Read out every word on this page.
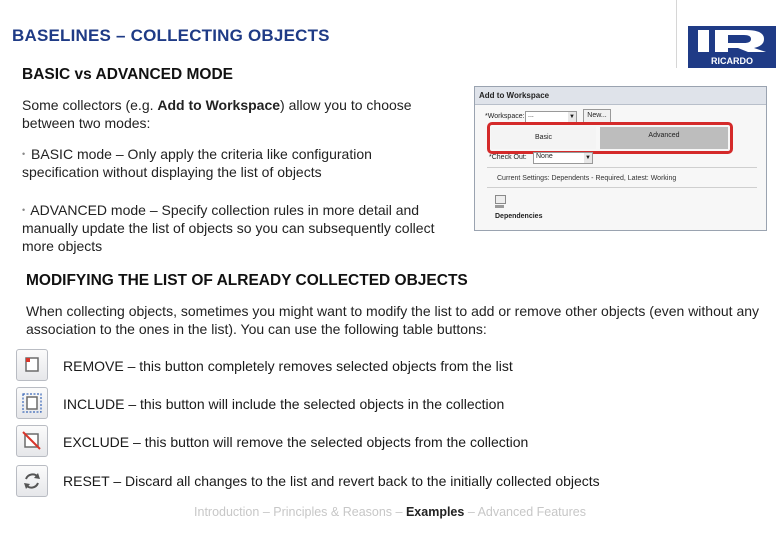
BASELINES – COLLECTING OBJECTS
RICARDO
BASIC vs ADVANCED MODE
Some collectors (e.g. Add to Workspace) allow you to choose between two modes:
• BASIC mode – Only apply the criteria like configuration specification without displaying the list of objects
• ADVANCED mode – Specify collection rules in more detail and manually update the list of objects so you can subsequently collect more objects
Add to Workspace
*Workspace: ...	▼	New...
Basic	Advanced
*Check Out: None	▼
Current Settings: Dependents - Required, Latest: Working
Dependencies
MODIFYING THE LIST OF ALREADY COLLECTED OBJECTS
When collecting objects, sometimes you might want to modify the list to add or remove other objects (even without any association to the ones in the list). You can use the following table buttons:
REMOVE – this button completely removes selected objects from the list
INCLUDE – this button will include the selected objects in the collection
EXCLUDE – this button will remove the selected objects from the collection
RESET – Discard all changes to the list and revert back to the initially collected objects
Introduction – Principles & Reasons – Examples – Advanced Features
